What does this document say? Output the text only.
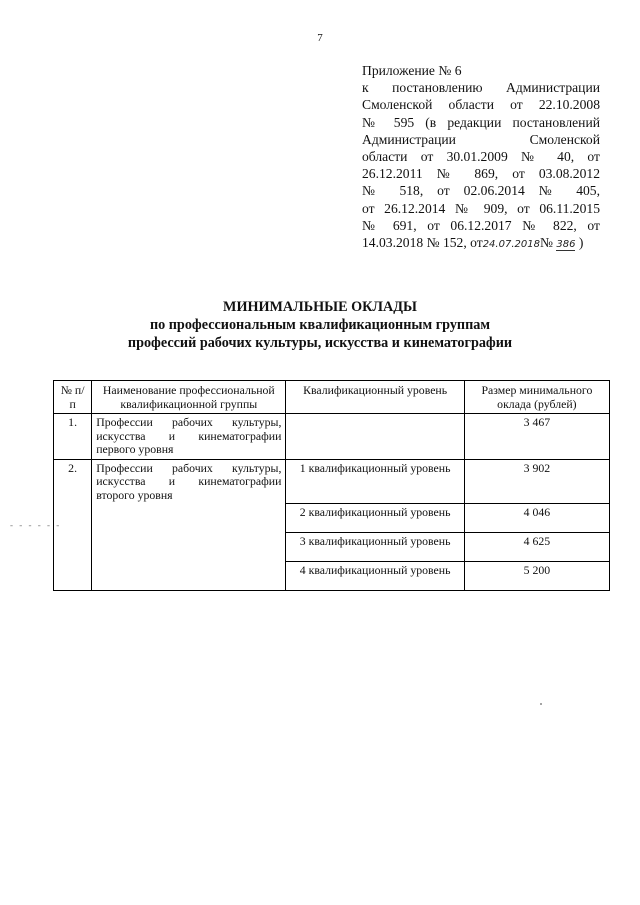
7
Приложение № 6
к постановлению Администрации
Смоленской области от 22.10.2008
№ 595 (в редакции постановлений
Администрации Смоленской
области от 30.01.2009 № 40, от
26.12.2011 № 869, от 03.08.2012
№ 518, от 02.06.2014 № 405,
от 26.12.2014 № 909, от 06.11.2015
№ 691, от 06.12.2017 № 822, от
14.03.2018 № 152, от24.07.2018№ 386 )
МИНИМАЛЬНЫЕ ОКЛАДЫ
по профессиональным квалификационным группам
профессий рабочих культуры, искусства и кинематографии
№ п/п	Наименование профессиональной квалификационной группы	Квалификационный уровень	Размер минимального оклада (рублей)
1.	Профессии рабочих культуры, искусства и кинематографии первого уровня		3 467
2.	Профессии рабочих культуры, искусства и кинематографии второго уровня	1 квалификационный уровень	3 902
		2 квалификационный уровень	4 046
		3 квалификационный уровень	4 625
		4 квалификационный уровень	5 200
- - - - - -
